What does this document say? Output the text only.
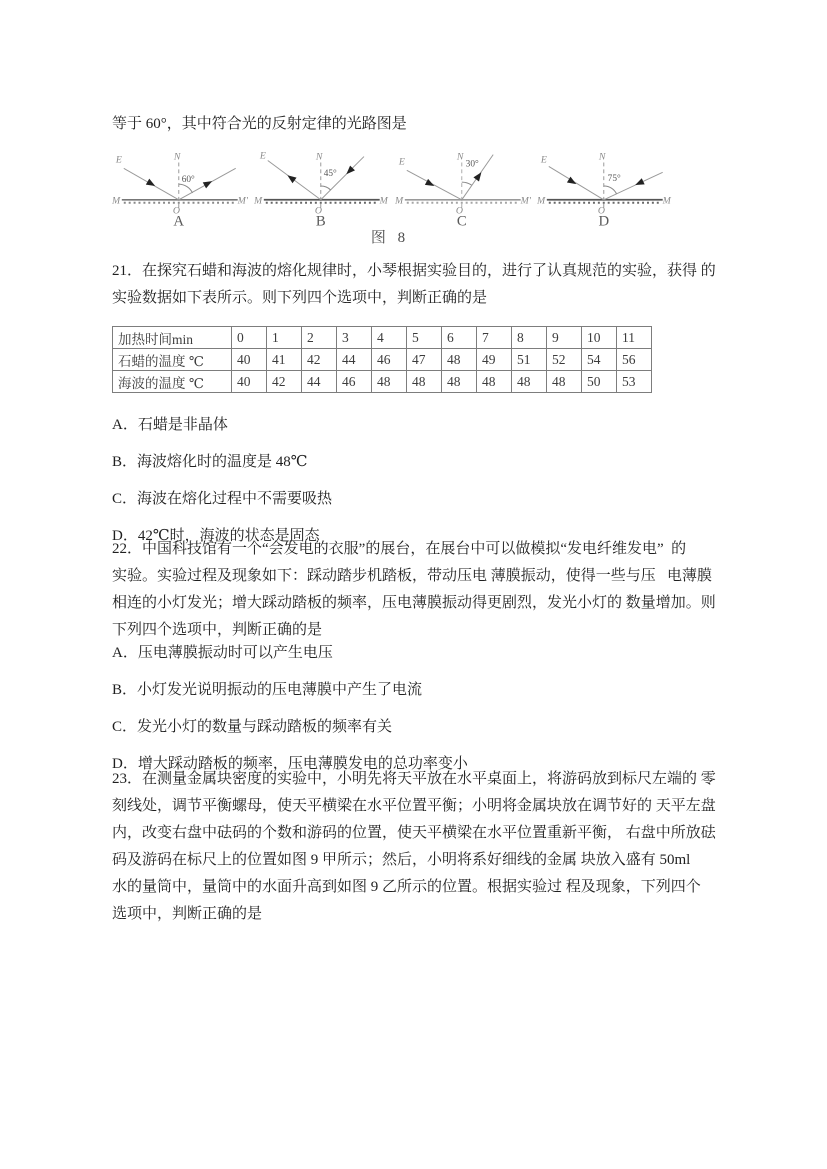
等于 60°，其中符合光的反射定律的光路图是
60°
E	N
M	M′
O
A
45°
E	N
M	M′
O
B
30°
E	N
M	M′
O
C
75°
E	N
M	M′
O
D
图 8
21．在探究石蜡和海波的熔化规律时，小琴根据实验目的，进行了认真规范的实验，获得 的
实验数据如下表所示。则下列四个选项中，判断正确的是
加热时间min	0	1	2	3	4	5	6	7	8	9	10	11
石蜡的温度 ℃	40	41	42	44	46	47	48	49	51	52	54	56
海波的温度 ℃	40	42	44	46	48	48	48	48	48	48	50	53
A．石蜡是非晶体
B．海波熔化时的温度是 48℃
C．海波在熔化过程中不需要吸热
D．42℃时，海波的状态是固态
22．中国科技馆有一个“会发电的衣服”的展台，在展台中可以做模拟“发电纤维发电”  的
实验。实验过程及现象如下：踩动踏步机踏板，带动压电 薄膜振动，使得一些与压   电薄膜
相连的小灯发光；增大踩动踏板的频率，压电薄膜振动得更剧烈，发光小灯的 数量增加。则
下列四个选项中，判断正确的是
A．压电薄膜振动时可以产生电压
B．小灯发光说明振动的压电薄膜中产生了电流
C．发光小灯的数量与踩动踏板的频率有关
D．增大踩动踏板的频率，压电薄膜发电的总功率变小
23．在测量金属块密度的实验中，小明先将天平放在水平桌面上，将游码放到标尺左端的 零
刻线处，调节平衡螺母，使天平横梁在水平位置平衡；小明将金属块放在调节好的 天平左盘
内，改变右盘中砝码的个数和游码的位置，使天平横梁在水平位置重新平衡， 右盘中所放砝
码及游码在标尺上的位置如图 9 甲所示；然后，小明将系好细线的金属 块放入盛有 50ml
水的量筒中，量筒中的水面升高到如图 9 乙所示的位置。根据实验过 程及现象，下列四个
选项中，判断正确的是
